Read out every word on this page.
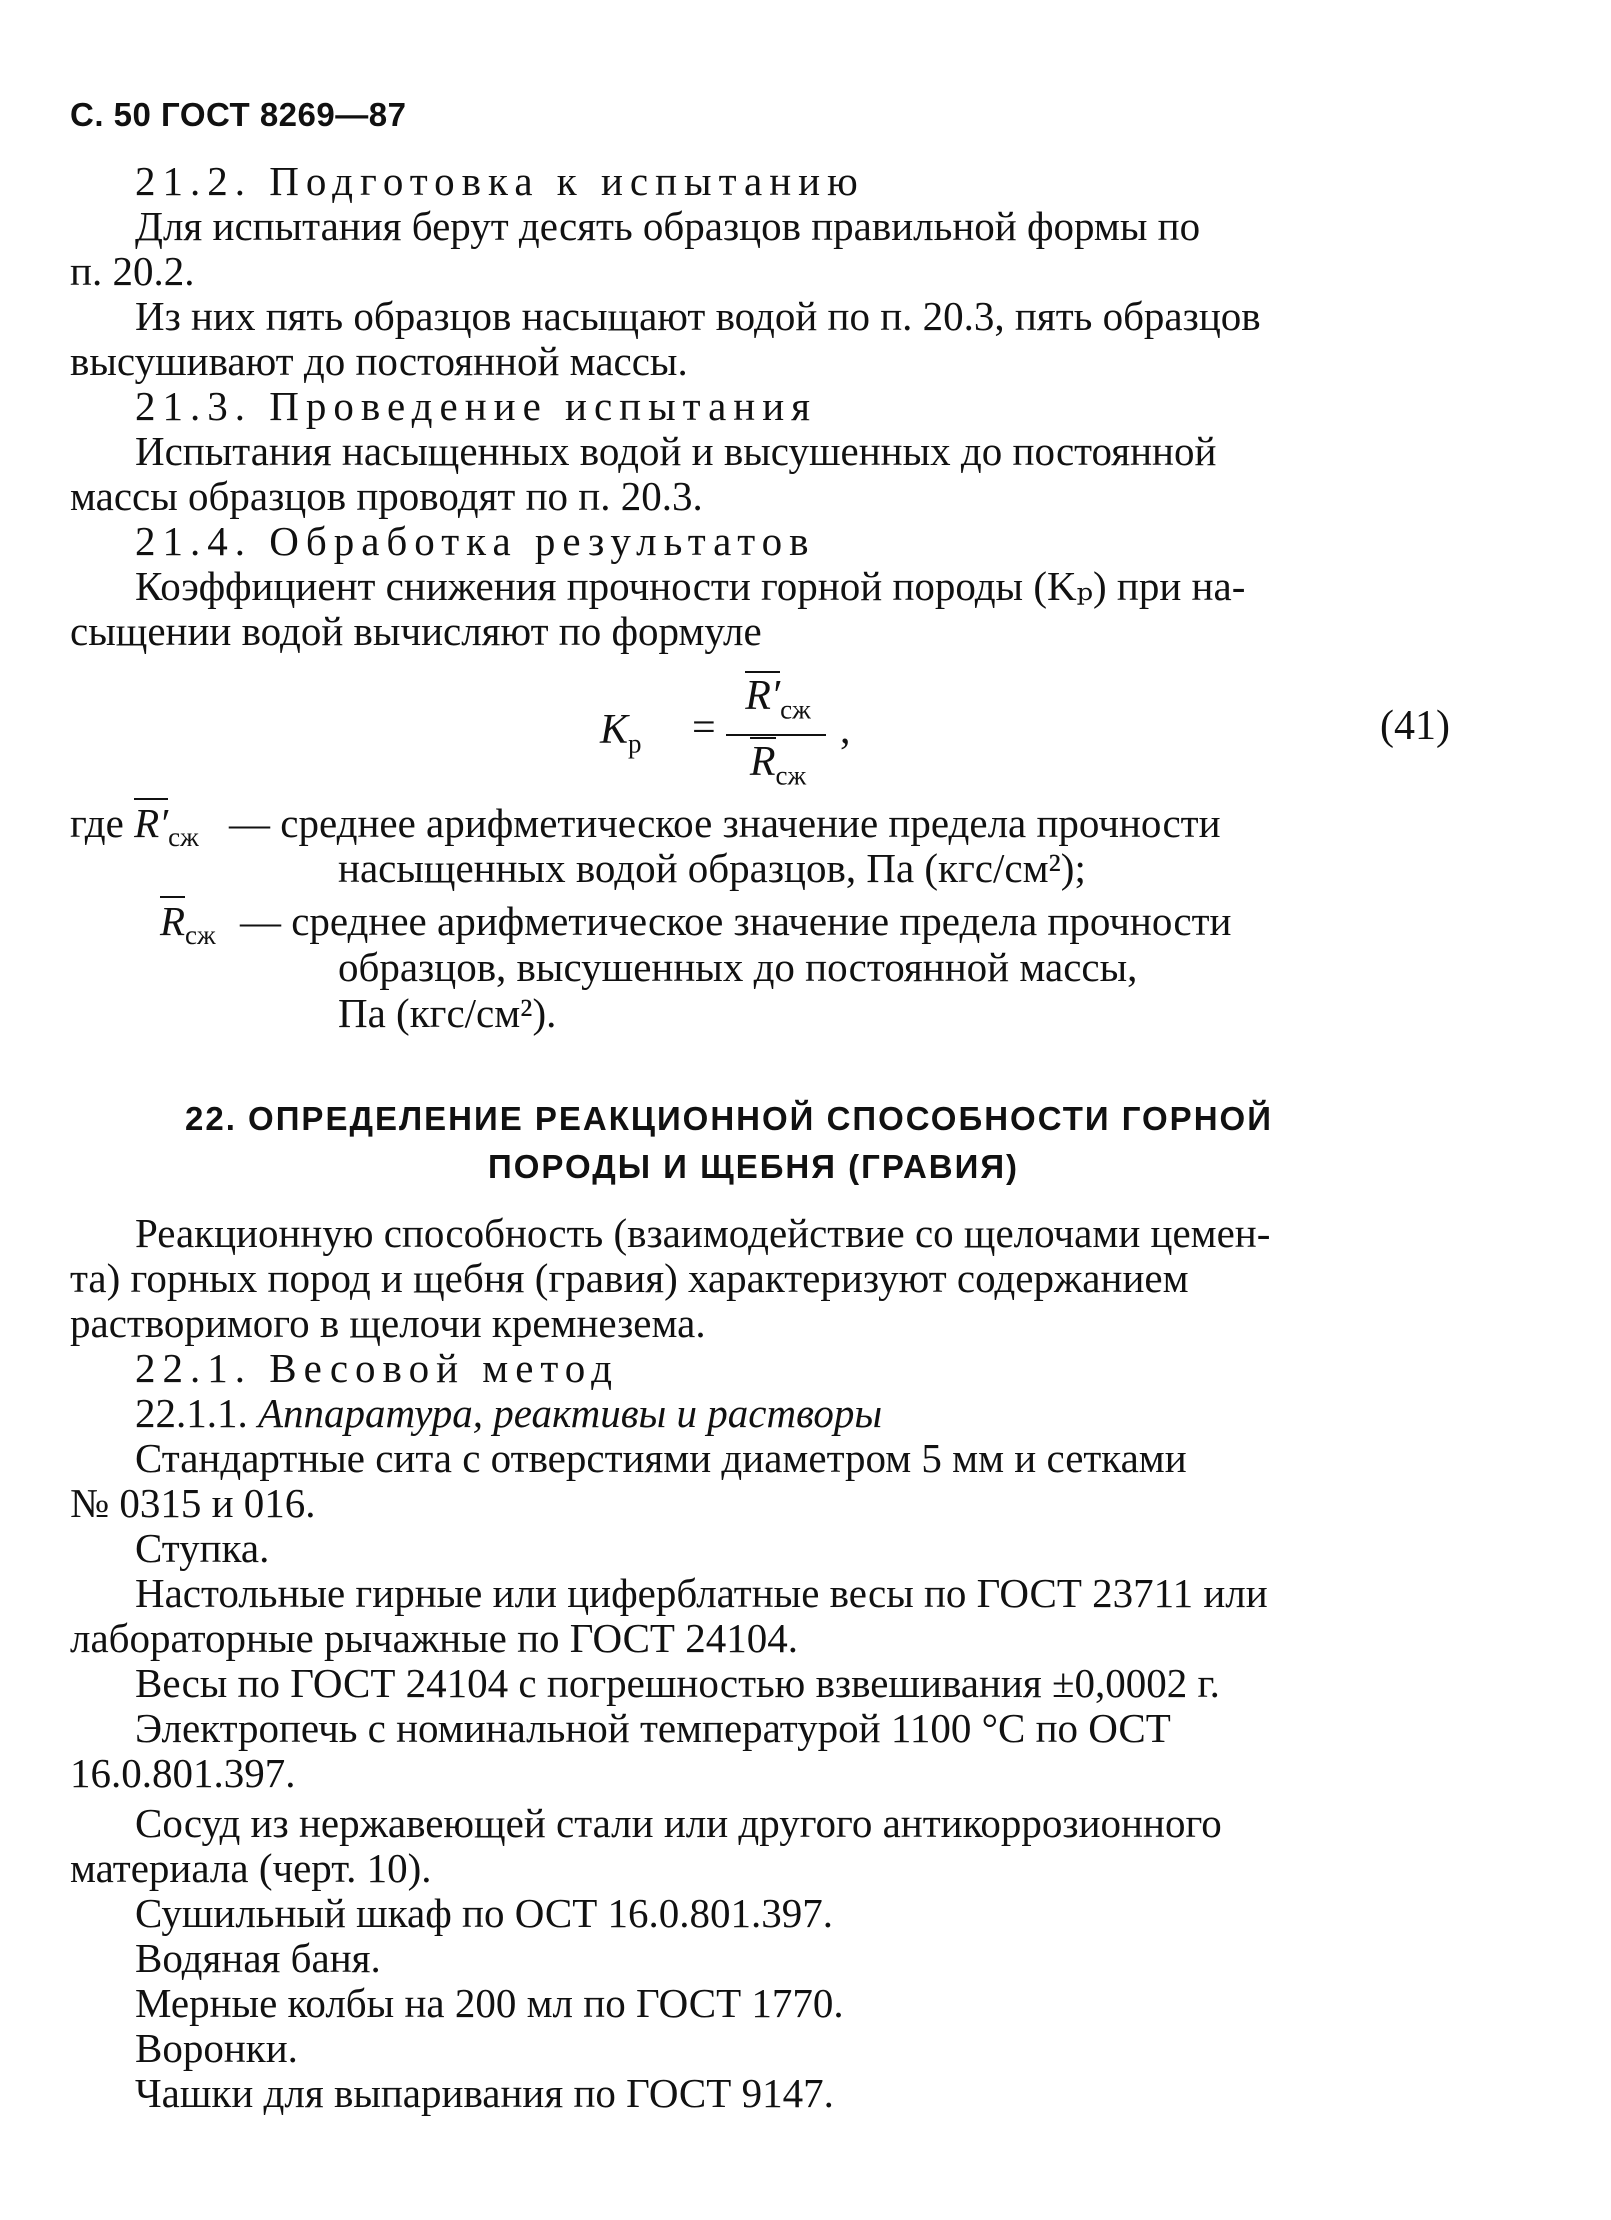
С. 50 ГОСТ 8269—87
21.2. Подготовка к испытанию
Для испытания берут десять образцов правильной формы по
п. 20.2.
Из них пять образцов насыщают водой по п. 20.3, пять образцов
высушивают до постоянной массы.
21.3. Проведение испытания
Испытания насыщенных водой и высушенных до постоянной
массы образцов проводят по п. 20.3.
21.4. Обработка результатов
Коэффициент снижения прочности горной породы (Kₚ) при на-
сыщении водой вычисляют по формуле
$K_р$ =
$R'_{сж}$
$R_{сж}$
,	(41)
где $R'_{сж}$ — среднее арифметическое значение предела прочности
насыщенных водой образцов, Па (кгс/см²);
$R_{сж}$ — среднее арифметическое значение предела прочности
образцов, высушенных до постоянной массы,
Па (кгс/см²).
22. ОПРЕДЕЛЕНИЕ РЕАКЦИОННОЙ СПОСОБНОСТИ ГОРНОЙ
ПОРОДЫ И ЩЕБНЯ (ГРАВИЯ)
Реакционную способность (взаимодействие со щелочами цемен-
та) горных пород и щебня (гравия) характеризуют содержанием
растворимого в щелочи кремнезема.
22.1. Весовой метод
22.1.1. Аппаратура, реактивы и растворы
Стандартные сита с отверстиями диаметром 5 мм и сетками
№ 0315 и 016.
Ступка.
Настольные гирные или циферблатные весы по ГОСТ 23711 или
лабораторные рычажные по ГОСТ 24104.
Весы по ГОСТ 24104 с погрешностью взвешивания ±0,0002 г.
Электропечь с номинальной температурой 1100 °С по ОСТ
16.0.801.397.
Сосуд из нержавеющей стали или другого антикоррозионного
материала (черт. 10).
Сушильный шкаф по ОСТ 16.0.801.397.
Водяная баня.
Мерные колбы на 200 мл по ГОСТ 1770.
Воронки.
Чашки для выпаривания по ГОСТ 9147.
